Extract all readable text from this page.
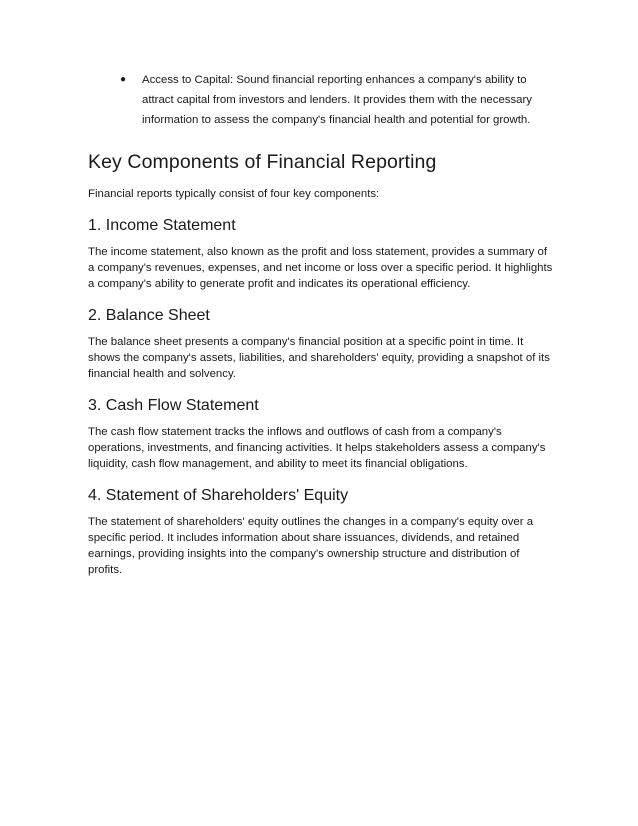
● Access to Capital: Sound financial reporting enhances a company's ability to attract capital from investors and lenders. It provides them with the necessary information to assess the company's financial health and potential for growth.
Key Components of Financial Reporting

Financial reports typically consist of four key components:

1. Income Statement

The income statement, also known as the profit and loss statement, provides a summary of a company's revenues, expenses, and net income or loss over a specific period. It highlights a company's ability to generate profit and indicates its operational efficiency.

2. Balance Sheet

The balance sheet presents a company's financial position at a specific point in time. It shows the company's assets, liabilities, and shareholders' equity, providing a snapshot of its financial health and solvency.

3. Cash Flow Statement

The cash flow statement tracks the inflows and outflows of cash from a company's operations, investments, and financing activities. It helps stakeholders assess a company's liquidity, cash flow management, and ability to meet its financial obligations.

4. Statement of Shareholders' Equity

The statement of shareholders' equity outlines the changes in a company's equity over a specific period. It includes information about share issuances, dividends, and retained earnings, providing insights into the company's ownership structure and distribution of profits.
